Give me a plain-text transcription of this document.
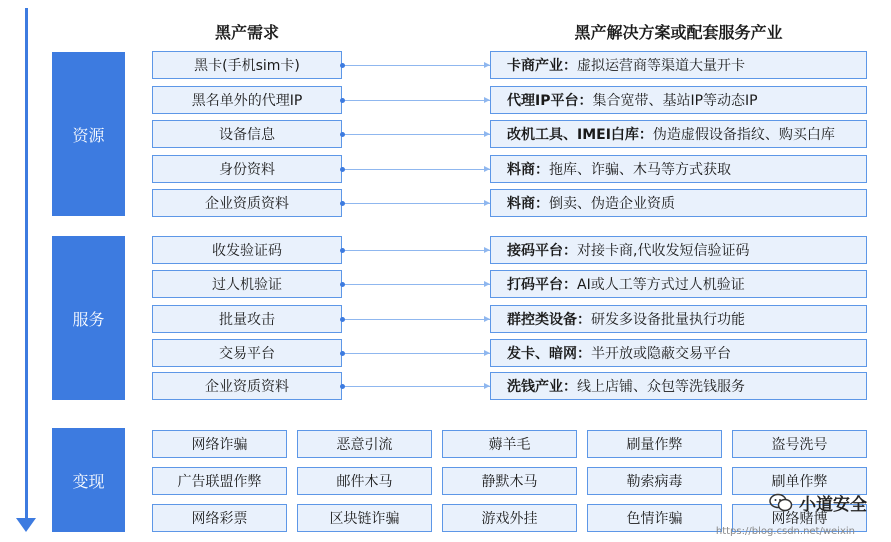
黑产需求	黑产解决方案或配套服务产业
资源
服务
变现
黑卡(手机sim卡)	卡商产业： 虚拟运营商等渠道大量开卡
黑名单外的代理IP	代理IP平台： 集合宽带、基站IP等动态IP
设备信息	改机工具、IMEI白库： 伪造虚假设备指纹、购买白库
身份资料	料商： 拖库、诈骗、木马等方式获取
企业资质资料	料商： 倒卖、伪造企业资质
收发验证码	接码平台： 对接卡商,代收发短信验证码
过人机验证	打码平台： AI或人工等方式过人机验证
批量攻击	群控类设备： 研发多设备批量执行功能
交易平台	发卡、暗网： 半开放或隐蔽交易平台
企业资质资料	洗钱产业： 线上店铺、众包等洗钱服务
网络诈骗	恶意引流	薅羊毛	刷量作弊	盗号洗号
广告联盟作弊	邮件木马	静默木马	勒索病毒	刷单作弊
网络彩票	区块链诈骗	游戏外挂	色情诈骗	网络赌博
小道安全
https://blog.csdn.net/weixin
